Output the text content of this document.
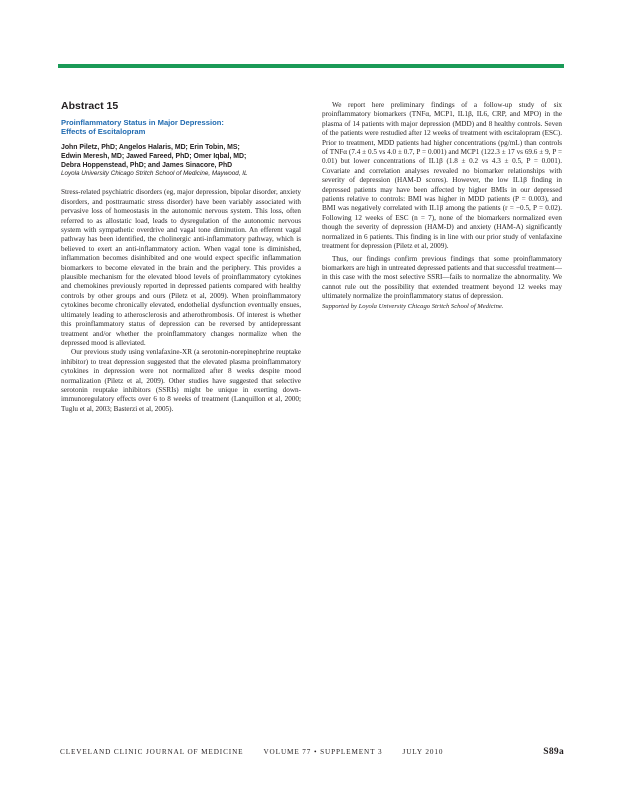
Abstract 15
Proinflammatory Status in Major Depression:
Effects of Escitalopram
John Piletz, PhD; Angelos Halaris, MD; Erin Tobin, MS;
Edwin Meresh, MD; Jawed Fareed, PhD; Omer Iqbal, MD;
Debra Hoppenstead, PhD; and James Sinacore, PhD
Loyola University Chicago Stritch School of Medicine, Maywood, IL

Stress-related psychiatric disorders (eg, major depression, bipolar disorder, anxiety disorders, and posttraumatic stress disorder) have been variably associated with pervasive loss of homeostasis in the autonomic nervous system. This loss, often referred to as allostatic load, leads to dysregulation of the autonomic nervous system with sympathetic overdrive and vagal tone diminution. An efferent vagal pathway has been identified, the cholinergic anti-inflammatory pathway, which is believed to exert an anti-inflammatory action. When vagal tone is diminished, inflammation becomes disinhibited and one would expect specific inflammation biomarkers to become elevated in the brain and the periphery. This provides a plausible mechanism for the elevated blood levels of proinflammatory cytokines and chemokines previously reported in depressed patients compared with healthy controls by other groups and ours (Piletz et al, 2009). When proinflammatory cytokines become chronically elevated, endothelial dysfunction eventually ensues, ultimately leading to atherosclerosis and atherothrombosis. Of interest is whether this proinflammatory status of depression can be reversed by antidepressant treatment and/or whether the proinflammatory changes normalize when the depressed mood is alleviated.

Our previous study using venlafaxine-XR (a serotonin-norepinephrine reuptake inhibitor) to treat depression suggested that the elevated plasma proinflammatory cytokines in depression were not normalized after 8 weeks despite mood normalization (Piletz et al, 2009). Other studies have suggested that selective serotonin reuptake inhibitors (SSRIs) might be unique in exerting down-immunoregulatory effects over 6 to 8 weeks of treatment (Lanquillon et al, 2000; Tuglu et al, 2003; Basterzi et al, 2005).

We report here preliminary findings of a follow-up study of six proinflammatory biomarkers (TNFα, MCP1, IL1β, IL6, CRP, and MPO) in the plasma of 14 patients with major depression (MDD) and 8 healthy controls. Seven of the patients were restudied after 12 weeks of treatment with escitalopram (ESC). Prior to treatment, MDD patients had higher concentrations (pg/mL) than controls of TNFα (7.4 ± 0.5 vs 4.0 ± 0.7, P = 0.001) and MCP1 (122.3 ± 17 vs 69.6 ± 9, P = 0.01) but lower concentrations of IL1β (1.8 ± 0.2 vs 4.3 ± 0.5, P = 0.001). Covariate and correlation analyses revealed no biomarker relationships with severity of depression (HAM-D scores). However, the low IL1β finding in depressed patients may have been affected by higher BMIs in our depressed patients relative to controls: BMI was higher in MDD patients (P = 0.003), and BMI was negatively correlated with IL1β among the patients (r = −0.5, P = 0.02). Following 12 weeks of ESC (n = 7), none of the biomarkers normalized even though the severity of depression (HAM-D) and anxiety (HAM-A) significantly normalized in 6 patients. This finding is in line with our prior study of venlafaxine treatment for depression (Piletz et al, 2009).

Thus, our findings confirm previous findings that some proinflammatory biomarkers are high in untreated depressed patients and that successful treatment—in this case with the most selective SSRI—fails to normalize the abnormality. We cannot rule out the possibility that extended treatment beyond 12 weeks may ultimately normalize the proinflammatory status of depression.

Supported by Loyola University Chicago Stritch School of Medicine.

CLEVELAND CLINIC JOURNAL OF MEDICINE	VOLUME 77 • SUPPLEMENT 3	JULY 2010	S89a
